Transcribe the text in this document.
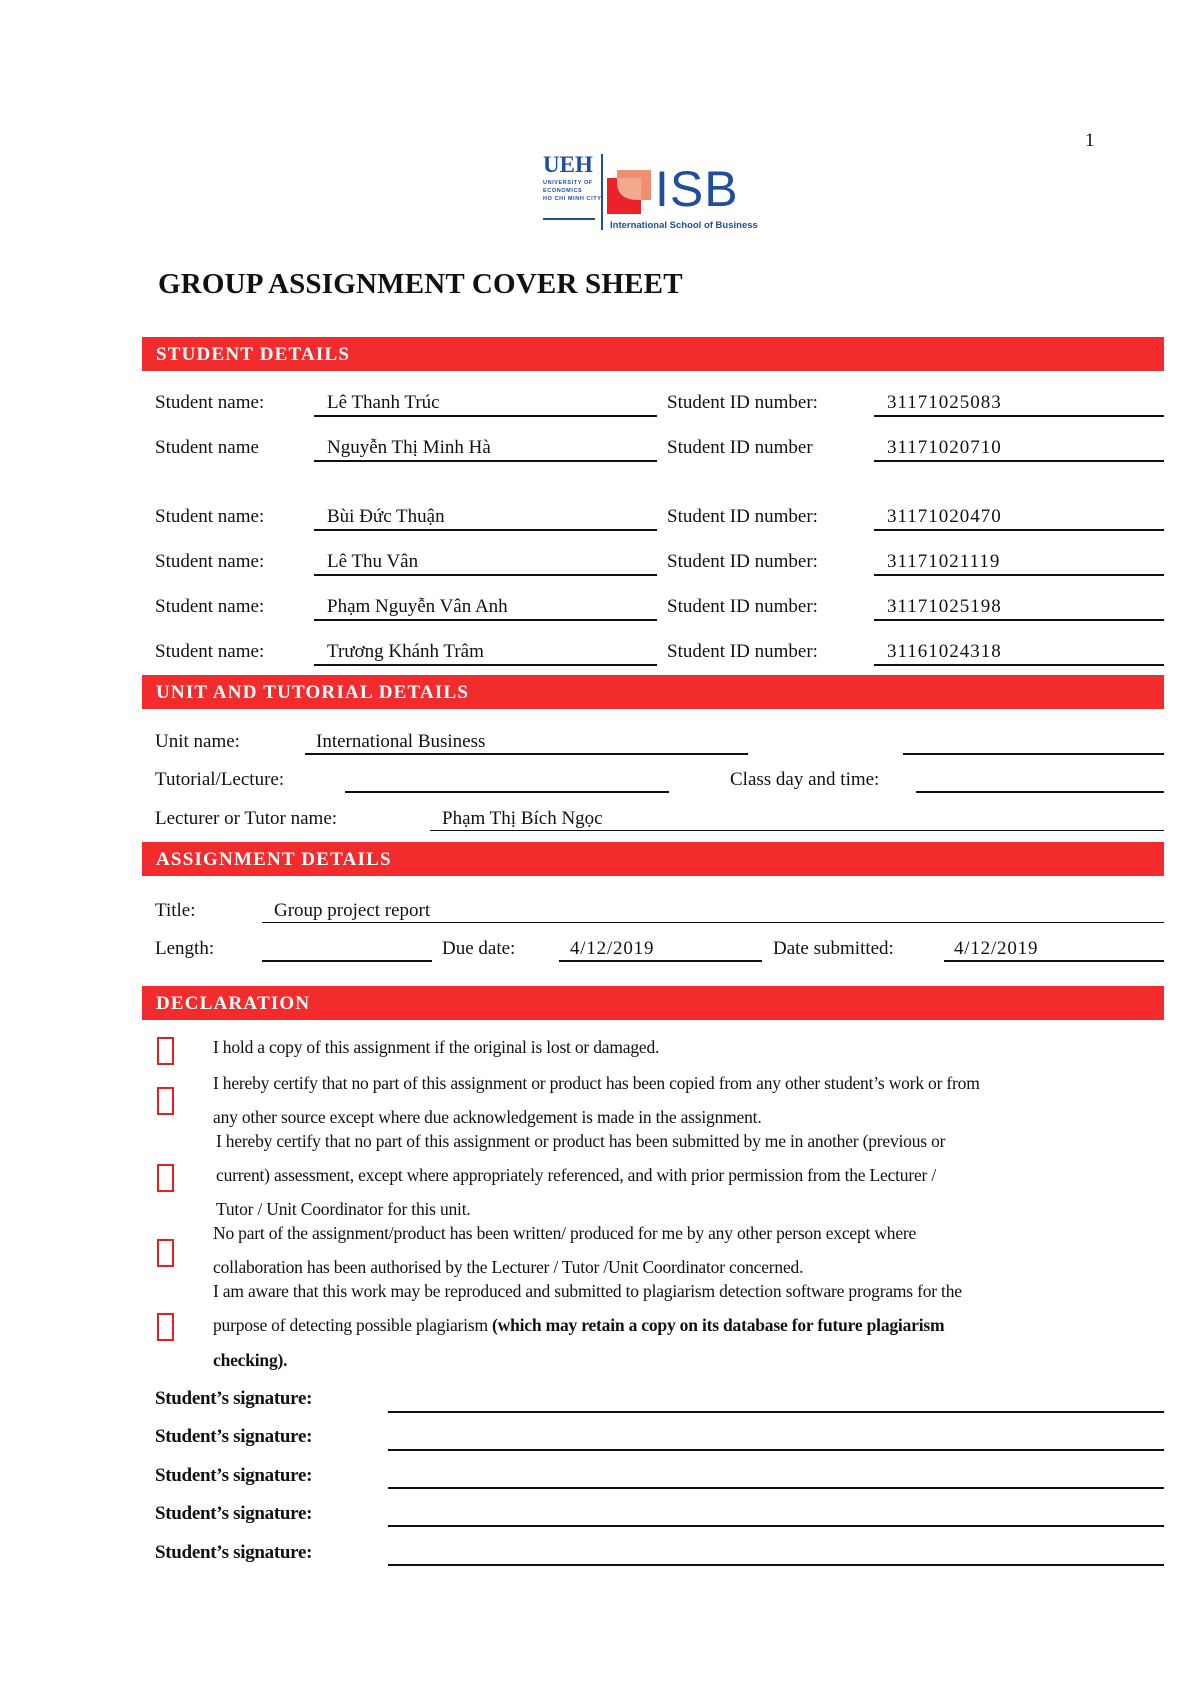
1
UEH
UNIVERSITY OF
ECONOMICS
HO CHI MINH CITY ISB
International School of Business
GROUP ASSIGNMENT COVER SHEET
STUDENT DETAILS
Student name:	Lê Thanh Trúc	Student ID number:	31171025083
Student name	Nguyễn Thị Minh Hà	Student ID number	31171020710
Student name:	Bùi Đức Thuận	Student ID number:	31171020470
Student name:	Lê Thu Vân	Student ID number:	31171021119
Student name:	Phạm Nguyễn Vân Anh	Student ID number:	31171025198
Student name:	Trương Khánh Trâm	Student ID number:	31161024318
UNIT AND TUTORIAL DETAILS
Unit name:	International Business
Tutorial/Lecture:	Class day and time:
Lecturer or Tutor name:	Phạm Thị Bích Ngọc
ASSIGNMENT DETAILS
Title:	Group project report
Length:	Due date:	4/12/2019	Date submitted:	4/12/2019
DECLARATION
I hold a copy of this assignment if the original is lost or damaged.
I hereby certify that no part of this assignment or product has been copied from any other student’s work or from
any other source except where due acknowledgement is made in the assignment.
I hereby certify that no part of this assignment or product has been submitted by me in another (previous or
current) assessment, except where appropriately referenced, and with prior permission from the Lecturer /
Tutor / Unit Coordinator for this unit.
No part of the assignment/product has been written/ produced for me by any other person except where
collaboration has been authorised by the Lecturer / Tutor /Unit Coordinator concerned.
I am aware that this work may be reproduced and submitted to plagiarism detection software programs for the
purpose of detecting possible plagiarism (which may retain a copy on its database for future plagiarism
checking).
Student’s signature:
Student’s signature:
Student’s signature:
Student’s signature:
Student’s signature:
